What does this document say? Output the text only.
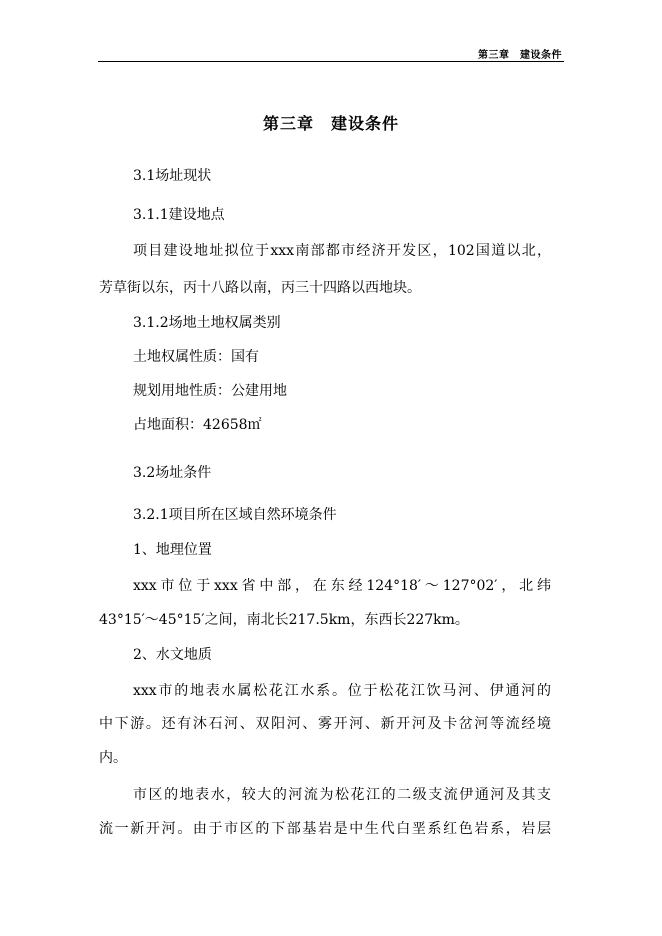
第三章　建设条件
第三章　建设条件
3.1场址现状
3.1.1建设地点
项目建设地址拟位于xxx南部都市经济开发区，102国道以北，
芳草街以东，丙十八路以南，丙三十四路以西地块。
3.1.2场地土地权属类别
土地权属性质：国有
规划用地性质：公建用地
占地面积：42658㎡
3.2场址条件
3.2.1项目所在区域自然环境条件
1、地理位置
xxx市位于xxx省中部，在东经124°18′～127°02′，北纬
43°15′～45°15′之间，南北长217.5km，东西长227km。
2、水文地质
xxx市的地表水属松花江水系。位于松花江饮马河、伊通河的
中下游。还有沐石河、双阳河、雾开河、新开河及卡岔河等流经境
内。
市区的地表水，较大的河流为松花江的二级支流伊通河及其支
流一新开河。由于市区的下部基岩是中生代白垩系红色岩系，岩层
